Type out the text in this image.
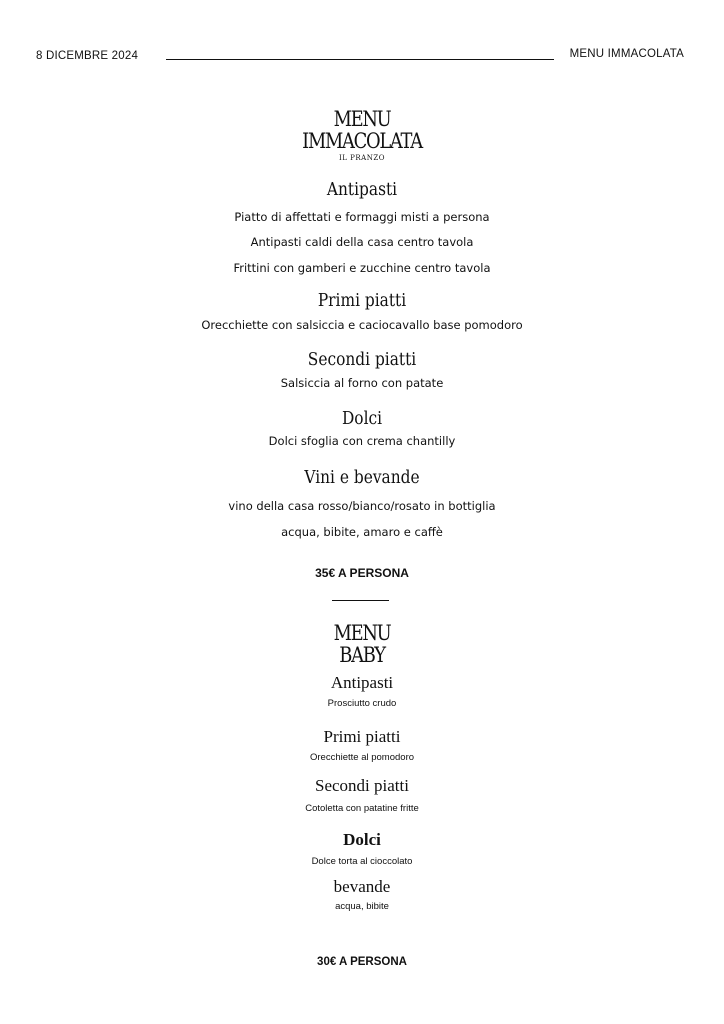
8 DICEMBRE 2024	MENU IMMACOLATA
MENU
IMMACOLATA
IL PRANZO
Antipasti
Piatto di affettati e formaggi misti a persona
Antipasti caldi della casa centro tavola
Frittini con gamberi e zucchine centro tavola
Primi piatti
Orecchiette con salsiccia e caciocavallo base pomodoro
Secondi piatti
Salsiccia al forno con patate
Dolci
Dolci sfoglia con crema chantilly
Vini e bevande
vino della casa rosso/bianco/rosato in bottiglia
acqua, bibite, amaro e caffè
35€ A PERSONA
MENU
BABY
Antipasti
Prosciutto crudo
Primi piatti
Orecchiette al pomodoro
Secondi piatti
Cotoletta con patatine fritte
Dolci
Dolce torta al cioccolato
bevande
acqua, bibite
30€ A PERSONA
